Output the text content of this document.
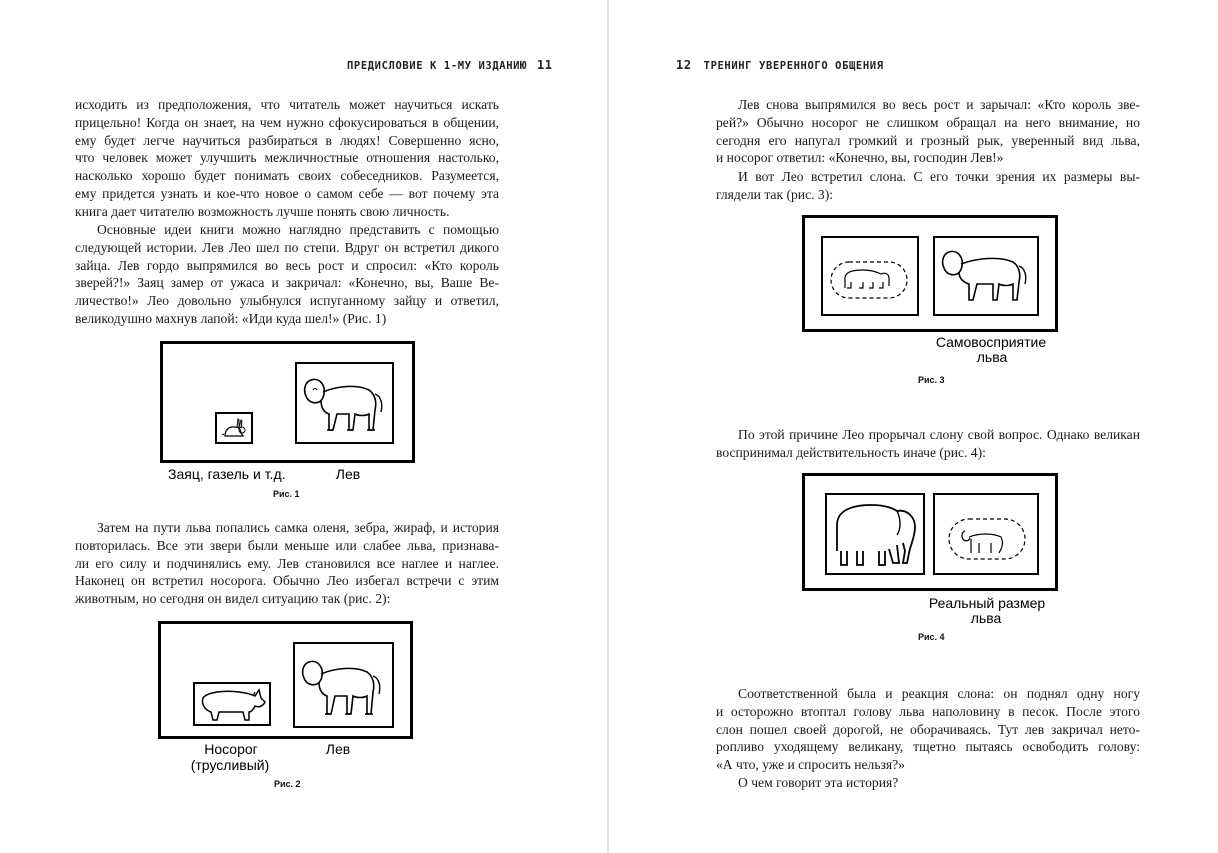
ПРЕДИСЛОВИЕ К 1-МУ ИЗДАНИЮ 11
исходить из предположения, что читатель может научиться искать
прицельно! Когда он знает, на чем нужно сфокусироваться в общении,
ему будет легче научиться разбираться в людях! Совершенно ясно,
что человек может улучшить межличностные отношения настолько,
насколько хорошо будет понимать своих собеседников. Разумеется,
ему придется узнать и кое-что новое о самом себе — вот почему эта
книга дает читателю возможность лучше понять свою личность.
Основные идеи книги можно наглядно представить с помощью
следующей истории. Лев Лео шел по степи. Вдруг он встретил дикого
зайца. Лев гордо выпрямился во весь рост и спросил: «Кто король
зверей?!» Заяц замер от ужаса и закричал: «Конечно, вы, Ваше Ве-
личество!» Лео довольно улыбнулся испуганному зайцу и ответил,
великодушно махнув лапой: «Иди куда шел!» (Рис. 1)
Заяц, газель и т.д.	Лев
Рис. 1
Затем на пути льва попались самка оленя, зебра, жираф, и история
повторилась. Все эти звери были меньше или слабее льва, признава-
ли его силу и подчинялись ему. Лев становился все наглее и наглее.
Наконец он встретил носорога. Обычно Лео избегал встречи с этим
животным, но сегодня он видел ситуацию так (рис. 2):
Носорог
(трусливый)
Лев
Рис. 2
12 ТРЕНИНГ УВЕРЕННОГО ОБЩЕНИЯ
Лев снова выпрямился во весь рост и зарычал: «Кто король зве-
рей?» Обычно носорог не слишком обращал на него внимание, но
сегодня его напугал громкий и грозный рык, уверенный вид льва,
и носорог ответил: «Конечно, вы, господин Лев!»
И вот Лео встретил слона. С его точки зрения их размеры вы-
глядели так (рис. 3):
Самовосприятие
льва
Рис. 3
По этой причине Лео прорычал слону свой вопрос. Однако великан
воспринимал действительность иначе (рис. 4):
Реальный размер
льва
Рис. 4
Соответственной была и реакция слона: он поднял одну ногу
и осторожно втоптал голову льва наполовину в песок. После этого
слон пошел своей дорогой, не оборачиваясь. Тут лев закричал нето-
ропливо уходящему великану, тщетно пытаясь освободить голову:
«А что, уже и спросить нельзя?»
О чем говорит эта история?
